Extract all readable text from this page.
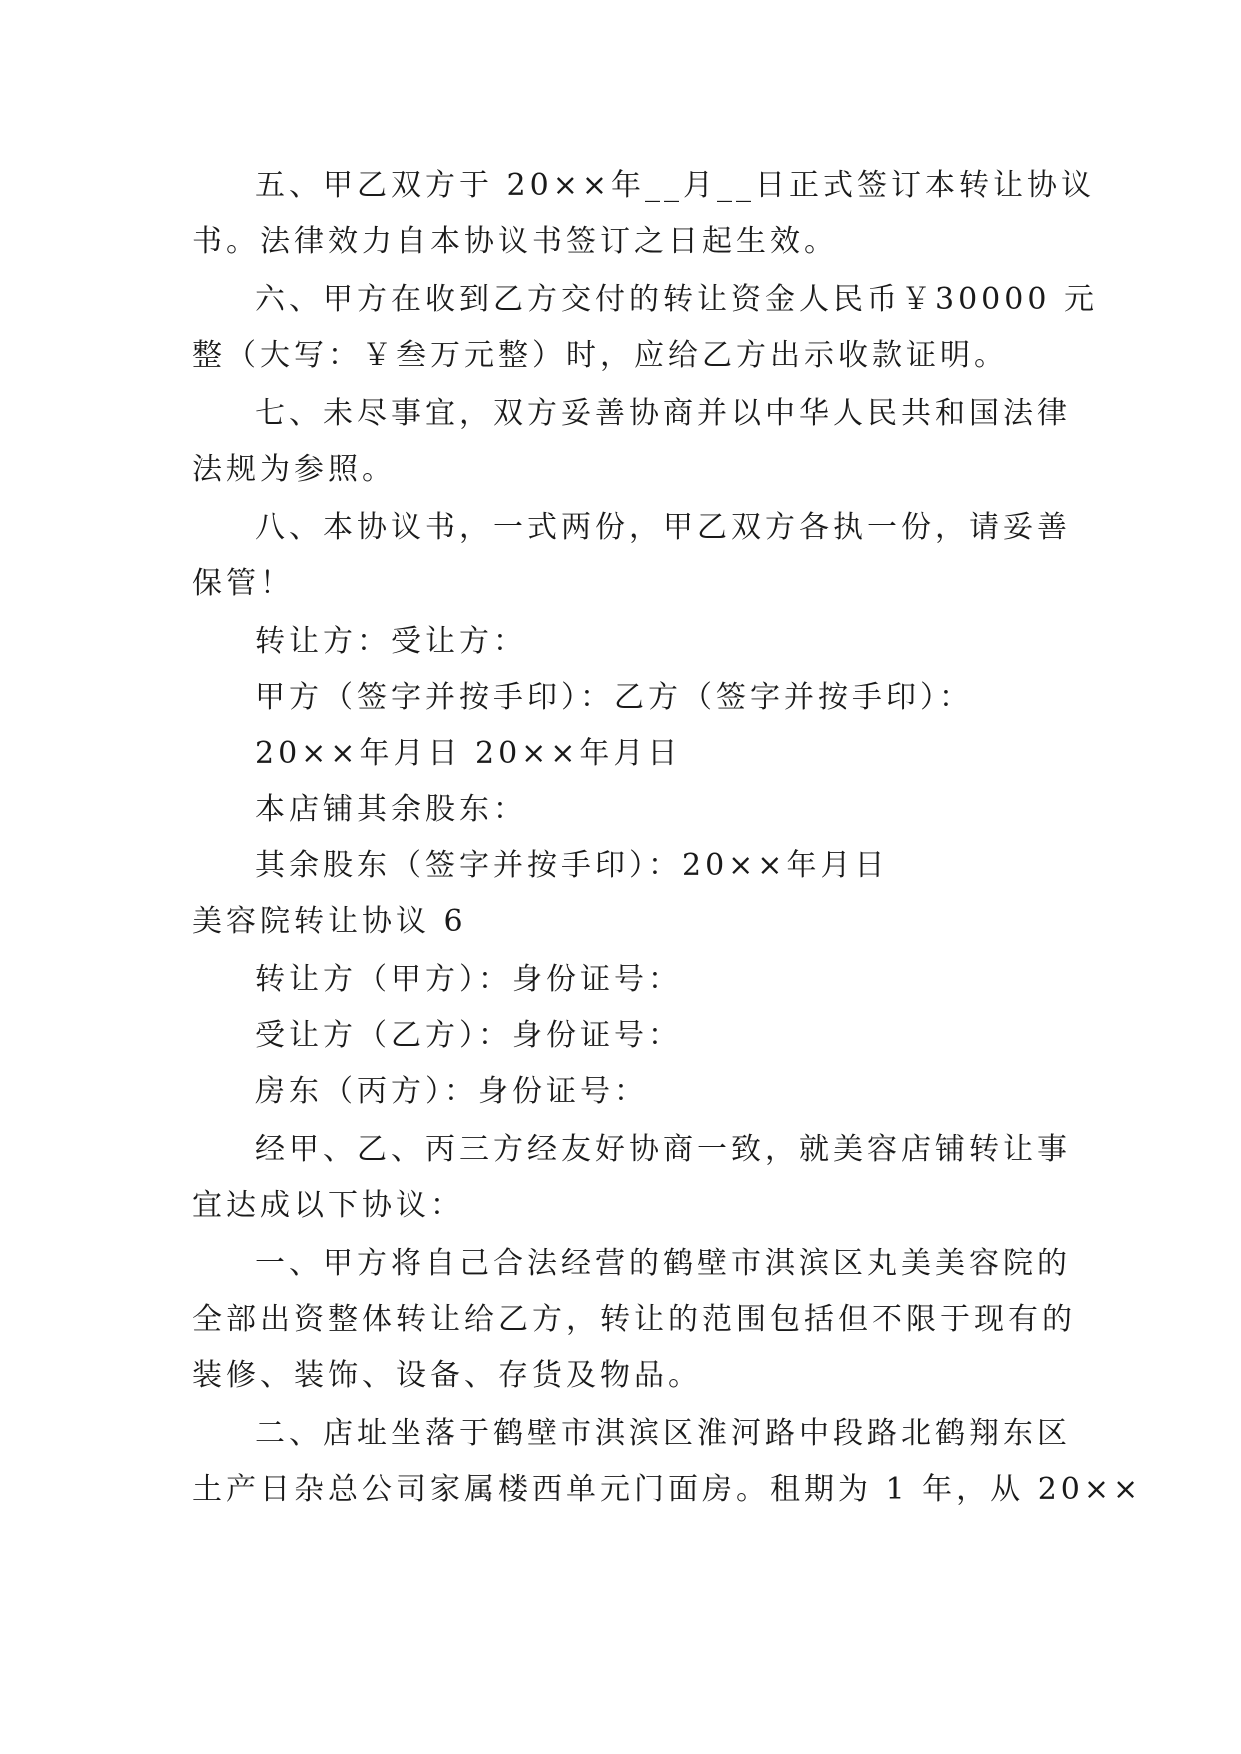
五、甲乙双方于 20××年__月__日正式签订本转让协议
书。法律效力自本协议书签订之日起生效。
六、甲方在收到乙方交付的转让资金人民币￥30000 元
整（大写：￥叁万元整）时，应给乙方出示收款证明。
七、未尽事宜，双方妥善协商并以中华人民共和国法律
法规为参照。
八、本协议书，一式两份，甲乙双方各执一份，请妥善
保管！
转让方：受让方：
甲方（签字并按手印）：乙方（签字并按手印）：
20××年月日 20××年月日
本店铺其余股东：
其余股东（签字并按手印）：20××年月日
美容院转让协议 6
转让方（甲方）：身份证号：
受让方（乙方）：身份证号：
房东（丙方）：身份证号：
经甲、乙、丙三方经友好协商一致，就美容店铺转让事
宜达成以下协议：
一、甲方将自己合法经营的鹤壁市淇滨区丸美美容院的
全部出资整体转让给乙方，转让的范围包括但不限于现有的
装修、装饰、设备、存货及物品。
二、店址坐落于鹤壁市淇滨区淮河路中段路北鹤翔东区
土产日杂总公司家属楼西单元门面房。租期为 1 年，从 20××
